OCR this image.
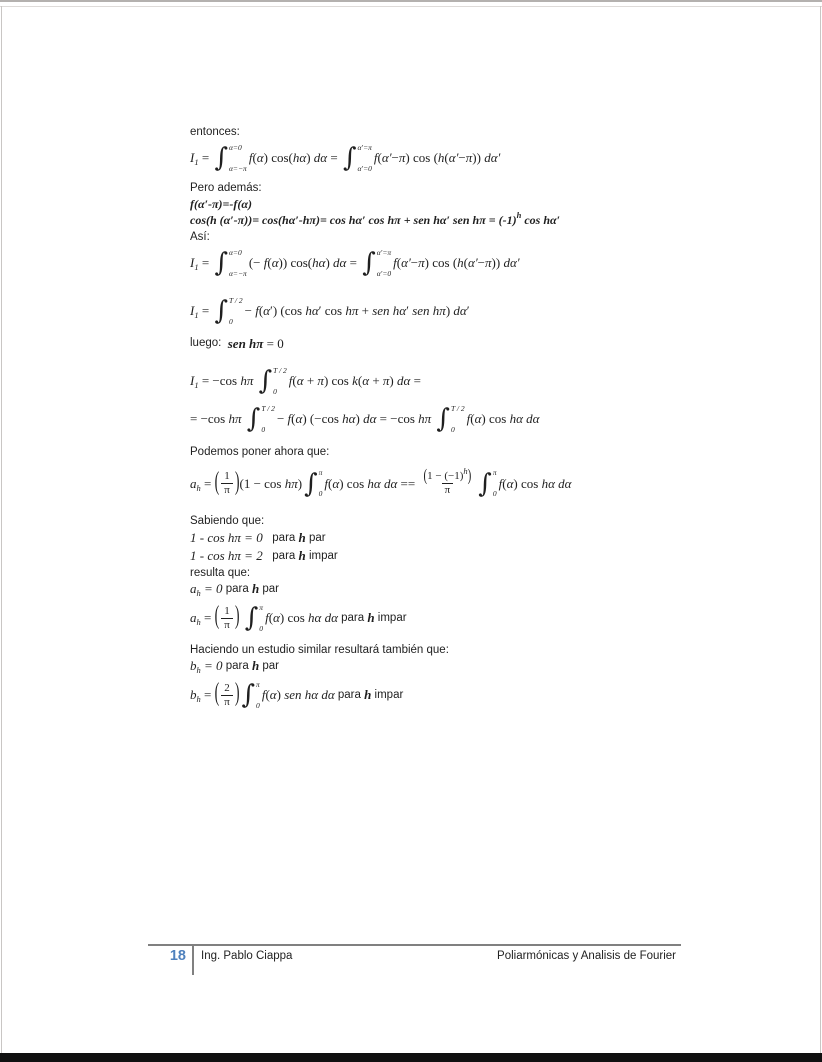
entonces:
I 1 = ∫ α=0
α=−π
f ( α ) cos( hα ) dα = ∫ α′=π
α′=0
f ( α′ − π ) cos ( h ( α′ − π )) dα′
Pero además:
f(α′-π)=-f(α)
cos(h (α′-π))= cos(hα′-hπ)= cos hα′ cos hπ + sen hα′ sen hπ = (-1) h cos hα′
Así:
I 1 = ∫ α=0
α=−π
(− f ( α )) cos( hα ) dα = ∫ α′=π
α′=0
f ( α′ − π ) cos ( h ( α′ − π )) dα′
I 1 = ∫ T / 2
0
− f ( α ′) (cos hα ′ cos hπ + sen hα ′ sen hπ ) dα ′
luego: sen hπ = 0
I 1 = −cos hπ
∫ T / 2
0
f ( α + π ) cos k ( α + π ) dα =
= −cos hπ
∫ T / 2
0
− f ( α ) (−cos hα ) dα = −cos hπ
∫ T / 2
0
f ( α ) cos hα
dα
Podemos poner ahora que:
a h = ( $\frac{1}{\pi}$ ) (1 − cos hπ ) ∫ π
0
f ( α ) cos hα
$d\alpha == \frac{( 1 - (-1) h )}{\pi}$ ∫ π
0
f ( α ) cos hα
dα
Sabiendo que:
1 - cos hπ = 0 para h par
1 - cos hπ = 2 para h impar
resulta que:
a h = 0 para h par
a h = ( $\frac{1}{\pi}$ )
∫ π
0
f ( α ) cos hα
dα para h impar
Haciendo un estudio similar resultará también que:
b h = 0 para h par
b h = ( $\frac{2}{\pi}$ ) ∫ π
0
f ( α ) sen hα
dα para h impar
18 Ing. Pablo Ciappa	Poliarmónicas y Analisis de Fourier
